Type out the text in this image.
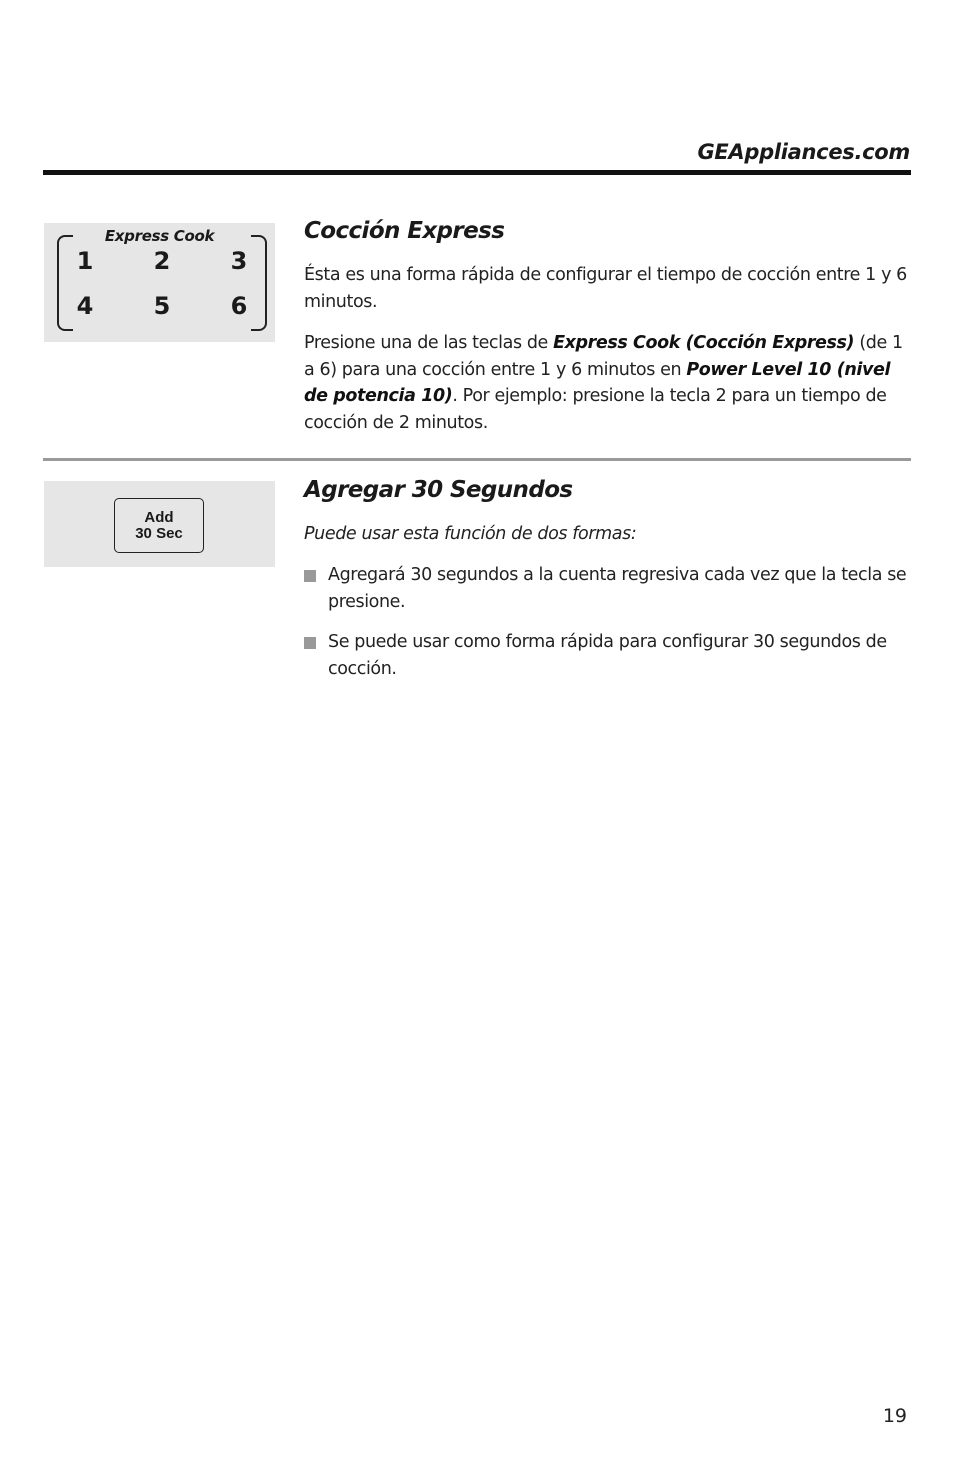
GEAppliances.com
Express Cook
1	2	3
4	5	6
Cocción Express

Ésta es una forma rápida de configurar el tiempo de cocción entre 1 y 6 minutos.

Presione una de las teclas de Express Cook (Cocción Express) (de 1 a 6) para una cocción entre 1 y 6 minutos en Power Level 10 (nivel de potencia 10). Por ejemplo: presione la tecla 2 para un tiempo de cocción de 2 minutos.

Add
30 Sec
Agregar 30 Segundos

Puede usar esta función de dos formas:

Agregará 30 segundos a la cuenta regresiva cada vez que la tecla se presione.
Se puede usar como forma rápida para configurar 30 segundos de cocción.
19
